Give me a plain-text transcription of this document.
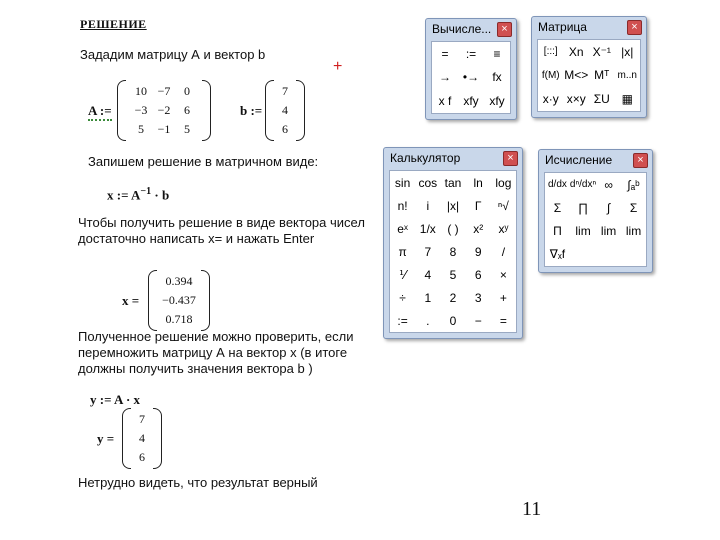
РЕШЕНИЕ
Зададим матрицу А и вектор b
+
A :=
10 −7	0
−3 −2	6
5	−1	5
b :=
7
4
6
Запишем решение в матричном виде:
x := $A^{-1} \cdot b$
Чтобы получить решение в виде вектора чисел
достаточно написать x= и нажать Enter
x =
0.394
−0.437
0.718
Полученное решение можно проверить, если
перемножить матрицу А на вектор х (в итоге
должны получить значения вектора b )
y := A · x
y =
7
4
6
Нетрудно видеть, что результат верный
11
Вычисле... ×
=	:=	≡
→ •→	fx
x f	xfy xfy
Матрица	×
[:::] Xn X⁻¹ |x|
f(M) M<> Mᵀ m..n
x·y x×y ΣU ▦
Калькулятор	×
sin cos tan	ln	log
n!	i	|x|	Γ	ⁿ√
eˣ 1/x ( )	x²	xʸ
π	7	8	9	/
⅟	4	5	6	×
÷	1	2	3	+
:=	.	0	−	=
Исчисление	×
d/dx dⁿ/dxⁿ ∞	∫ₐᵇ
Σ	∏	∫	Σ
Π	lim lim lim
∇ₓf
